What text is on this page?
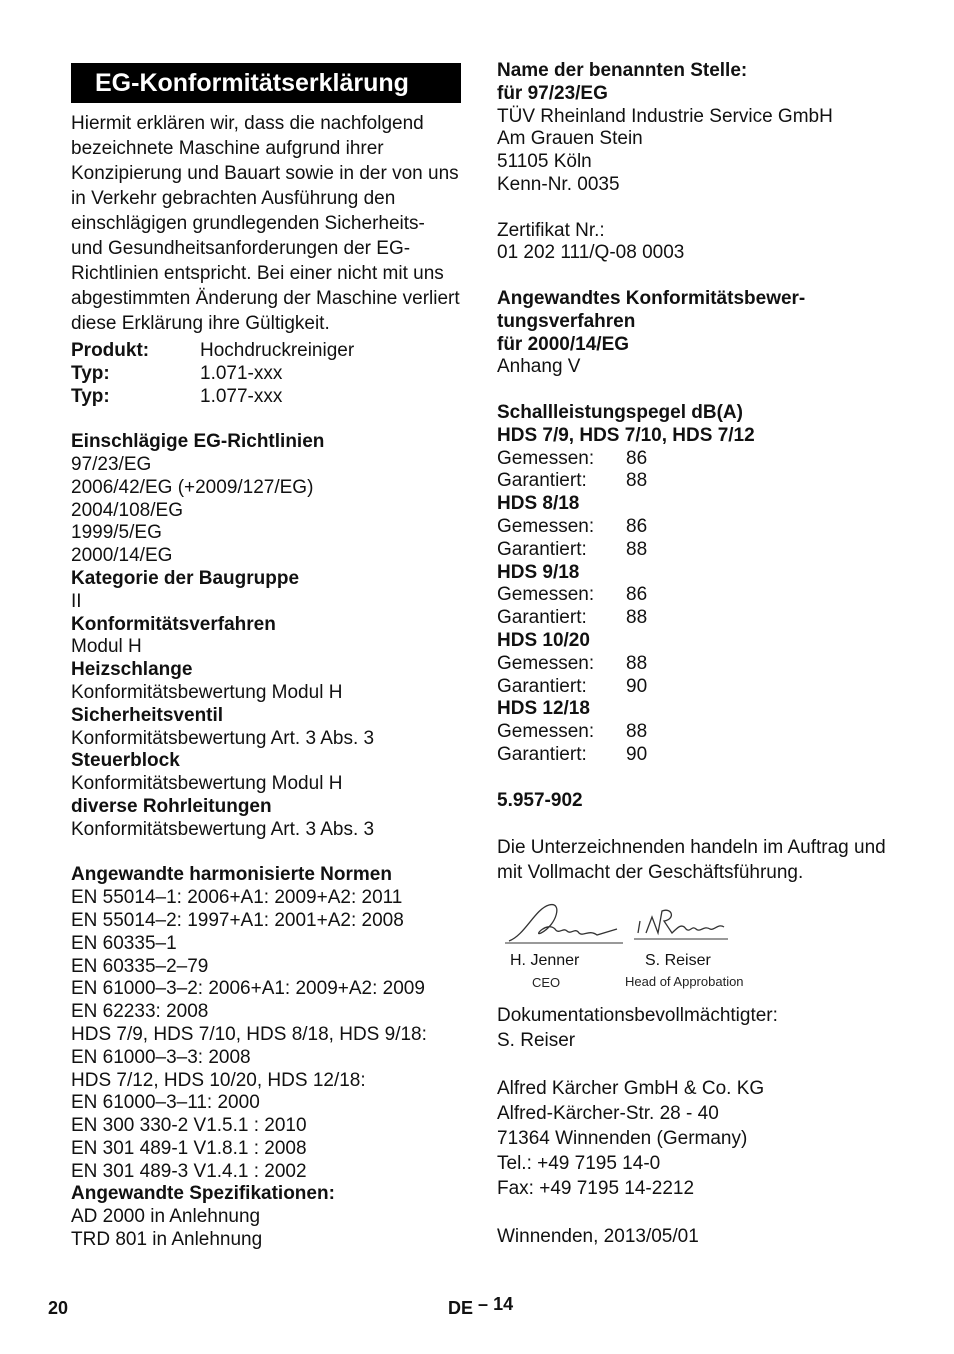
EG-Konformitätserklärung
Hiermit erklären wir, dass die nachfolgend bezeichnete Maschine aufgrund ihrer Konzipierung und Bauart sowie in der von uns in Verkehr gebrachten Ausführung den einschlägigen grundlegenden Sicherheits- und Gesundheitsanforderungen der EG-Richtlinien entspricht. Bei einer nicht mit uns abgestimmten Änderung der Maschine verliert diese Erklärung ihre Gültigkeit.
Produkt:	Hochdruckreiniger
Typ:	1.071-xxx
Typ:	1.077-xxx
Einschlägige EG-Richtlinien
97/23/EG
2006/42/EG (+2009/127/EG)
2004/108/EG
1999/5/EG
2000/14/EG
Kategorie der Baugruppe
II
Konformitätsverfahren
Modul H
Heizschlange
Konformitätsbewertung Modul H
Sicherheitsventil
Konformitätsbewertung Art. 3 Abs. 3
Steuerblock
Konformitätsbewertung Modul H
diverse Rohrleitungen
Konformitätsbewertung Art. 3 Abs. 3
Angewandte harmonisierte Normen
EN 55014–1: 2006+A1: 2009+A2: 2011
EN 55014–2: 1997+A1: 2001+A2: 2008
EN 60335–1
EN 60335–2–79
EN 61000–3–2: 2006+A1: 2009+A2: 2009
EN 62233: 2008
HDS 7/9, HDS 7/10, HDS 8/18, HDS 9/18:
EN 61000–3–3: 2008
HDS 7/12, HDS 10/20, HDS 12/18:
EN 61000–3–11: 2000
EN 300 330-2 V1.5.1 : 2010
EN 301 489-1 V1.8.1 : 2008
EN 301 489-3 V1.4.1 : 2002
Angewandte Spezifikationen:
AD 2000 in Anlehnung
TRD 801 in Anlehnung
Name der benannten Stelle:
für 97/23/EG
TÜV Rheinland Industrie Service GmbH
Am Grauen Stein
51105 Köln
Kenn-Nr. 0035
Zertifikat Nr.:
01 202 111/Q-08 0003
Angewandtes Konformitätsbewer-
tungsverfahren
für 2000/14/EG
Anhang V
Schallleistungspegel dB(A)
HDS 7/9, HDS 7/10, HDS 7/12
Gemessen:	86
Garantiert:	88
HDS 8/18
Gemessen:	86
Garantiert:	88
HDS 9/18
Gemessen:	86
Garantiert:	88
HDS 10/20
Gemessen:	88
Garantiert:	90
HDS 12/18
Gemessen:	88
Garantiert:	90
5.957-902
Die Unterzeichnenden handeln im Auftrag und mit Vollmacht der Geschäftsführung.
H. Jenner
CEO
S. Reiser
Head of Approbation
Dokumentationsbevollmächtigter:
S. Reiser
Alfred Kärcher GmbH & Co. KG
Alfred-Kärcher-Str. 28 - 40
71364 Winnenden (Germany)
Tel.: +49 7195 14-0
Fax: +49 7195 14-2212
Winnenden, 2013/05/01
20	DE – 14
